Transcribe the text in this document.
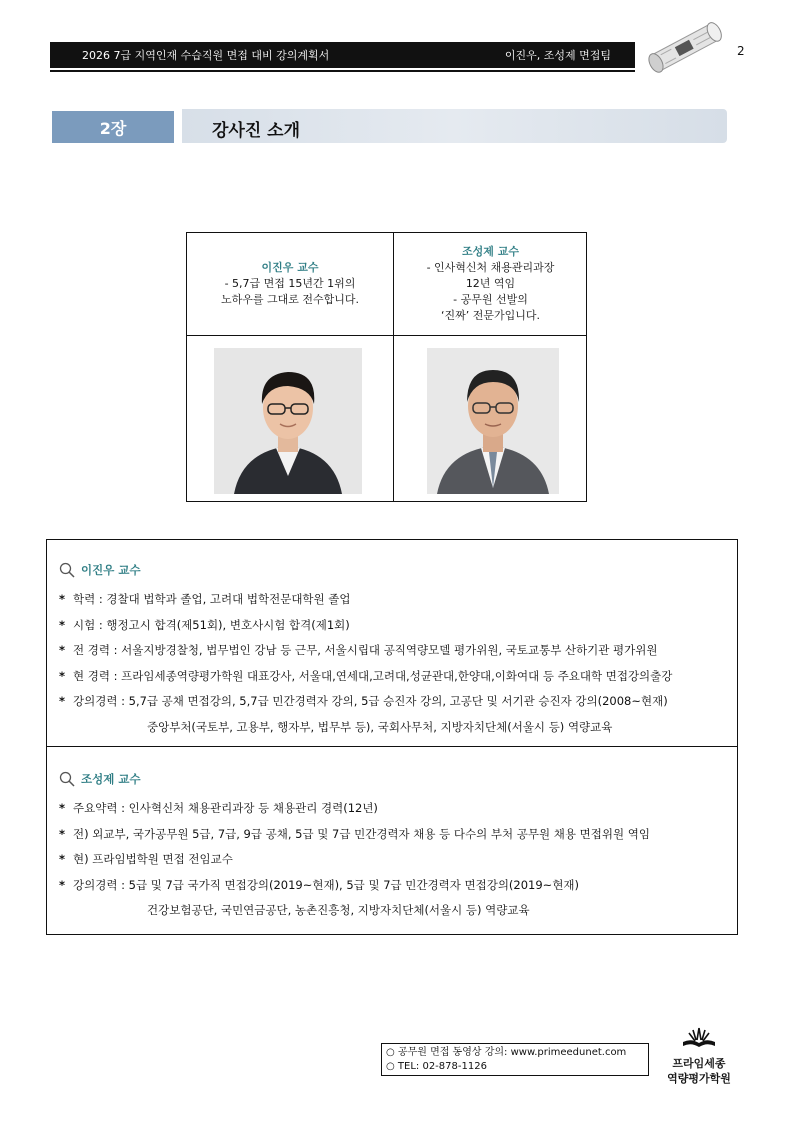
2026 7급 지역인재 수습직원 면접 대비 강의계획서	이진우, 조성제 면접팀	2
2장	강사진 소개
이진우 교수
- 5,7급 면접 15년간 1위의
노하우를 그대로 전수합니다.
조성제 교수
- 인사혁신처 채용관리과장
12년 역임
- 공무원 선발의
‘진짜’ 전문가입니다.
이진우 교수
* 학력 : 경찰대 법학과 졸업, 고려대 법학전문대학원 졸업
* 시험 : 행정고시 합격(제51회), 변호사시험 합격(제1회)
* 전 경력 : 서울지방경찰청, 법무법인 강남 등 근무, 서울시립대 공직역량모델 평가위원, 국토교통부 산하기관 평가위원
* 현 경력 : 프라임세종역량평가학원 대표강사, 서울대,연세대,고려대,성균관대,한양대,이화여대 등 주요대학 면접강의출강
* 강의경력 : 5,7급 공채 면접강의, 5,7급 민간경력자 강의, 5급 승진자 강의, 고공단 및 서기관 승진자 강의(2008~현재)
중앙부처(국토부, 고용부, 행자부, 법무부 등), 국회사무처, 지방자치단체(서울시 등) 역량교육
조성제 교수
* 주요약력 : 인사혁신처 채용관리과장 등 채용관리 경력(12년)
* 전) 외교부, 국가공무원 5급, 7급, 9급 공채, 5급 및 7급 민간경력자 채용 등 다수의 부처 공무원 채용 면접위원 역임
* 현) 프라임법학원 면접 전임교수
* 강의경력 : 5급 및 7급 국가직 면접강의(2019~현재), 5급 및 7급 민간경력자 면접강의(2019~현재)
건강보험공단, 국민연금공단, 농촌진흥청, 지방자치단체(서울시 등) 역량교육
○ 공무원 면접 동영상 강의: www.primeedunet.com
○ TEL: 02-878-1126	프라임세종
역량평가학원
